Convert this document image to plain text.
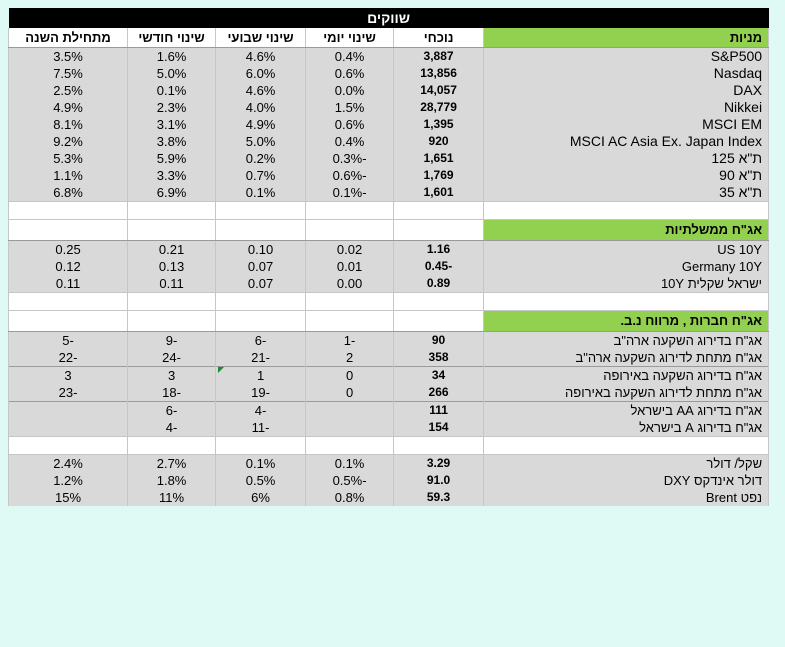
שווקים					
מניות	נוכחי	שינוי יומי	שינוי שבועי	שינוי חודשי	מתחילת השנה
S&P500	3,887	0.4%	4.6%	1.6%	3.5%
Nasdaq	13,856	0.6%	6.0%	5.0%	7.5%
DAX	14,057	0.0%	4.6%	0.1%	2.5%
Nikkei	28,779	1.5%	4.0%	2.3%	4.9%
MSCI EM	1,395	0.6%	4.9%	3.1%	8.1%
MSCI AC Asia Ex. Japan Index	920	0.4%	5.0%	3.8%	9.2%
ת"א 125	1,651	-0.3%	0.2%	5.9%	5.3%
ת"א 90	1,769	-0.6%	0.7%	3.3%	1.1%
ת"א 35	1,601	-0.1%	0.1%	6.9%	6.8%

אג"ח ממשלתיות					
US 10Y	1.16	0.02	0.10	0.21	0.25
Germany 10Y	-0.45	0.01	0.07	0.13	0.12
ישראל שקלית 10Y	0.89	0.00	0.07	0.11	0.11

אג"ח חברות , מרווח נ.ב.					
אג"ח בדירוג השקעה ארה"ב	90	-1	-6	-9	-5
אג"ח מתחת לדירוג השקעה ארה"ב	358	2	-21	-24	-22
אג"ח בדירוג השקעה באירופה	34	0	1	3	3
אג"ח מתחת לדירוג השקעה באירופה	266	0	-19	-18	-23
אג"ח בדירוג AA בישראל	111		-4	-6	
אג"ח בדירוג A בישראל	154		-11	-4	

שקל/ דולר	3.29	0.1%	0.1%	2.7%	2.4%
דולר אינדקס DXY	91.0	-0.5%	0.5%	1.8%	1.2%
נפט Brent	59.3	0.8%	6%	11%	15%
